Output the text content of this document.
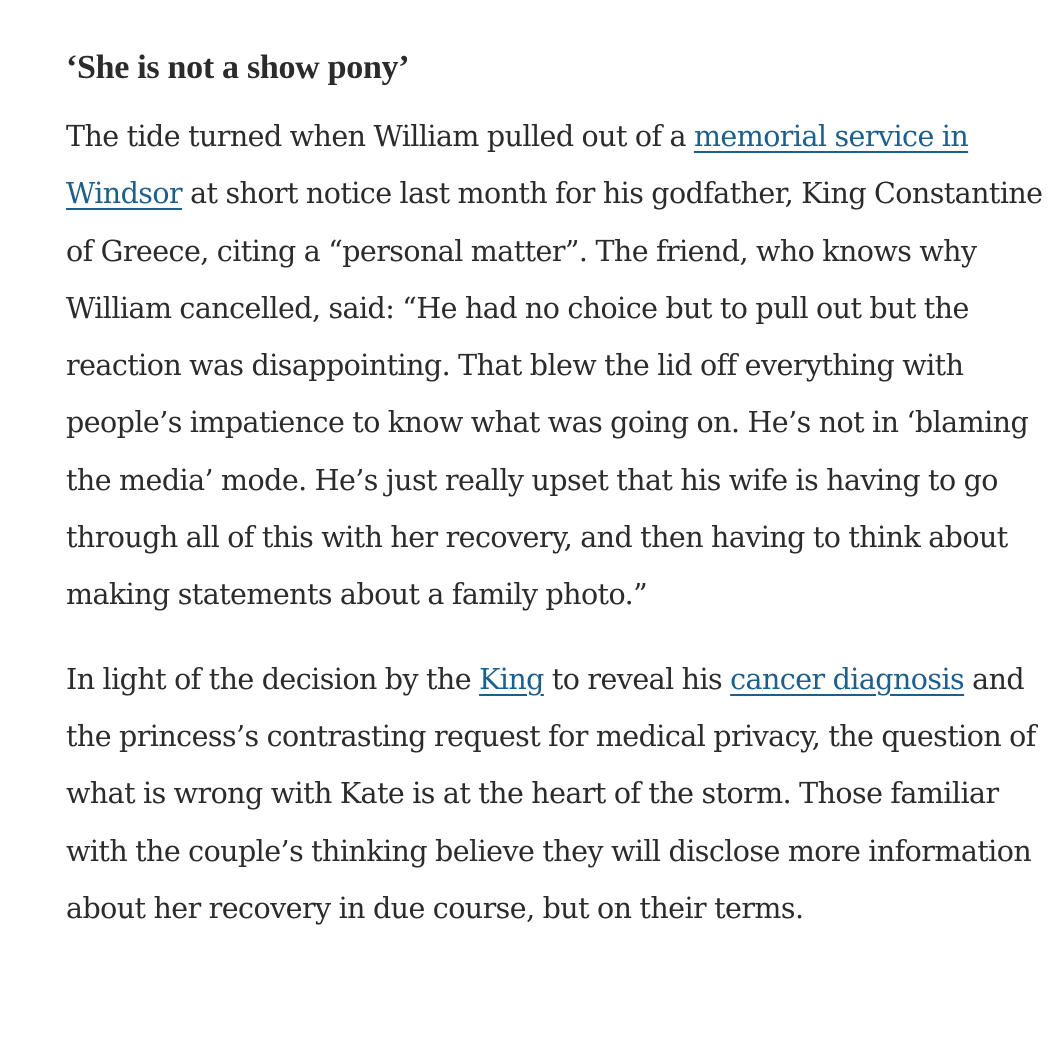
‘She is not a show pony’

The tide turned when William pulled out of a memorial service in Windsor at short notice last month for his godfather, King Constantine of Greece, citing a “personal matter”. The friend, who knows why William cancelled, said: “He had no choice but to pull out but the reaction was disappointing. That blew the lid off everything with people’s impatience to know what was going on. He’s not in ‘blaming the media’ mode. He’s just really upset that his wife is having to go through all of this with her recovery, and then having to think about making statements about a family photo.”

In light of the decision by the King to reveal his cancer diagnosis and the princess’s contrasting request for medical privacy, the question of what is wrong with Kate is at the heart of the storm. Those familiar with the couple’s thinking believe they will disclose more information about her recovery in due course, but on their terms.
